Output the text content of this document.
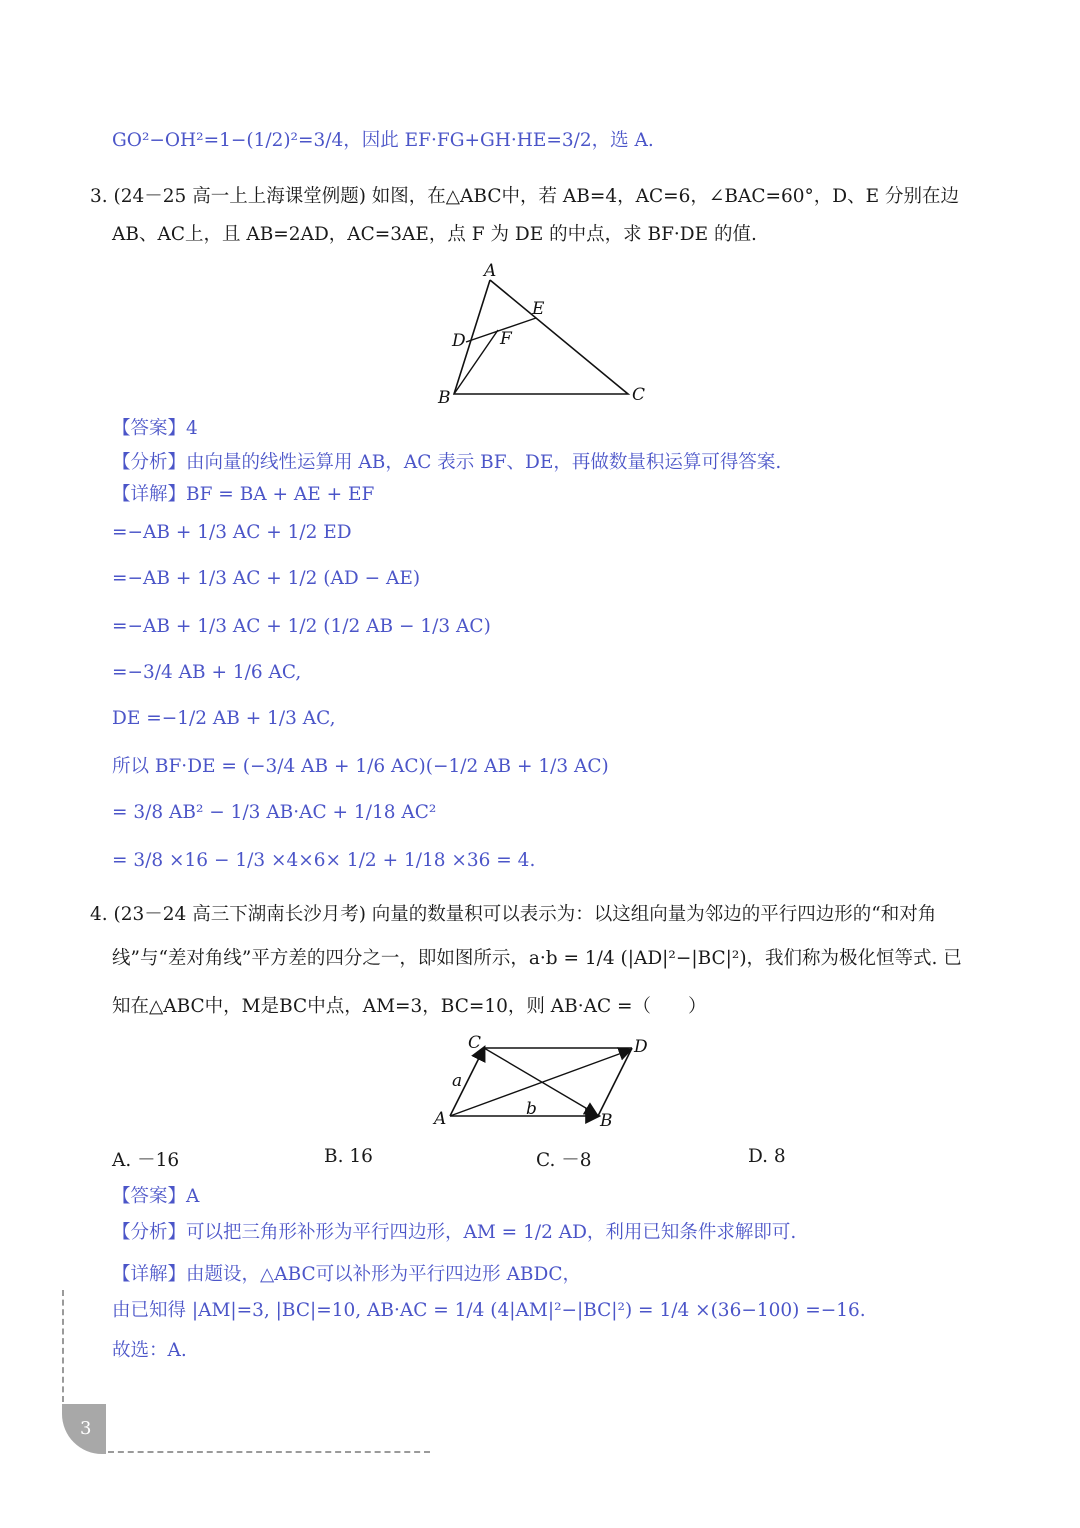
GO²−OH²=1−(1/2)²=3/4，因此 EF·FG+GH·HE=3/2，选 A.
3. (24－25 高一上上海课堂例题) 如图，在△ABC中，若 AB=4，AC=6，∠BAC=60°，D、E 分别在边
AB、AC上，且 AB=2AD，AC=3AE，点 F 为 DE 的中点，求 BF·DE 的值.
A
B	C
D
E
F
【答案】4
【分析】由向量的线性运算用 AB，AC 表示 BF、DE，再做数量积运算可得答案.
【详解】BF = BA + AE + EF
=−AB + 1/3 AC + 1/2 ED
=−AB + 1/3 AC + 1/2 (AD − AE)
=−AB + 1/3 AC + 1/2 (1/2 AB − 1/3 AC)
=−3/4 AB + 1/6 AC,
DE =−1/2 AB + 1/3 AC,
所以 BF·DE = (−3/4 AB + 1/6 AC)(−1/2 AB + 1/3 AC)
= 3/8 AB² − 1/3 AB·AC + 1/18 AC²
= 3/8 ×16 − 1/3 ×4×6× 1/2 + 1/18 ×36 = 4.
4. (23－24 高三下湖南长沙月考) 向量的数量积可以表示为：以这组向量为邻边的平行四边形的“和对角
线”与“差对角线”平方差的四分之一，即如图所示，a·b = 1/4 (|AD|²−|BC|²)，我们称为极化恒等式. 已
知在△ABC中，M是BC中点，AM=3，BC=10，则 AB·AC =（　　）
A	B
C	D
a
b
A. －16	B. 16	C. －8	D. 8
【答案】A
【分析】可以把三角形补形为平行四边形，AM = 1/2 AD，利用已知条件求解即可.
【详解】由题设，△ABC可以补形为平行四边形 ABDC，
由已知得 |AM|=3, |BC|=10, AB·AC = 1/4 (4|AM|²−|BC|²) = 1/4 ×(36−100) =−16.
故选：A.
3
